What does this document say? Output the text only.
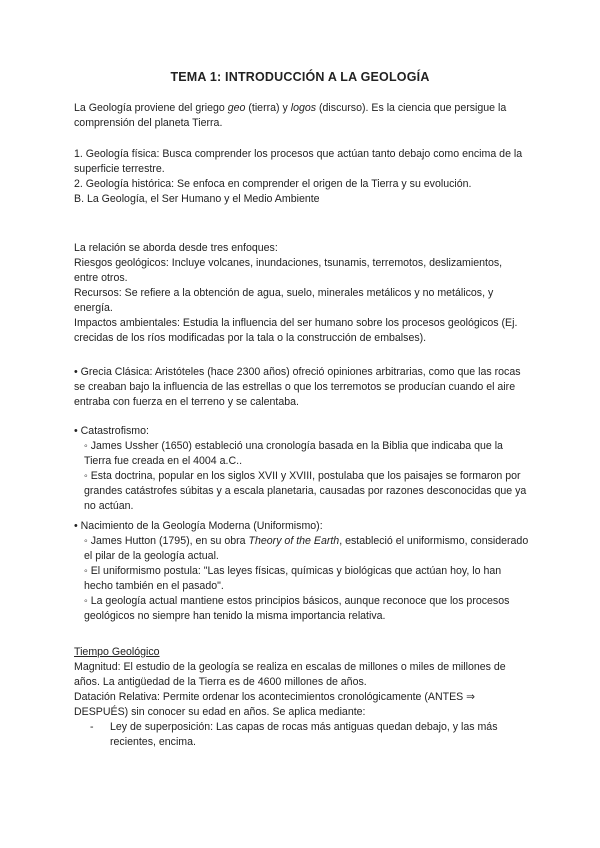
TEMA 1: INTRODUCCIÓN A LA GEOLOGÍA

La Geología proviene del griego geo (tierra) y logos (discurso). Es la ciencia que persigue la comprensión del planeta Tierra.

1. Geología física: Busca comprender los procesos que actúan tanto debajo como encima de la superficie terrestre.

2. Geología histórica: Se enfoca en comprender el origen de la Tierra y su evolución.

B. La Geología, el Ser Humano y el Medio Ambiente

La relación se aborda desde tres enfoques:

Riesgos geológicos: Incluye volcanes, inundaciones, tsunamis, terremotos, deslizamientos, entre otros.

Recursos: Se refiere a la obtención de agua, suelo, minerales metálicos y no metálicos, y energía.

Impactos ambientales: Estudia la influencia del ser humano sobre los procesos geológicos (Ej. crecidas de los ríos modificadas por la tala o la construcción de embalses).

• Grecia Clásica: Aristóteles (hace 2300 años) ofreció opiniones arbitrarias, como que las rocas se creaban bajo la influencia de las estrellas o que los terremotos se producían cuando el aire entraba con fuerza en el terreno y se calentaba.

• Catastrofismo:

◦ James Ussher (1650) estableció una cronología basada en la Biblia que indicaba que la Tierra fue creada en el 4004 a.C..

◦ Esta doctrina, popular en los siglos XVII y XVIII, postulaba que los paisajes se formaron por grandes catástrofes súbitas y a escala planetaria, causadas por razones desconocidas que ya no actúan.

• Nacimiento de la Geología Moderna (Uniformismo):

◦ James Hutton (1795), en su obra Theory of the Earth, estableció el uniformismo, considerado el pilar de la geología actual.

◦ El uniformismo postula: "Las leyes físicas, químicas y biológicas que actúan hoy, lo han hecho también en el pasado".

◦ La geología actual mantiene estos principios básicos, aunque reconoce que los procesos geológicos no siempre han tenido la misma importancia relativa.

Tiempo Geológico

Magnitud: El estudio de la geología se realiza en escalas de millones o miles de millones de años. La antigüedad de la Tierra es de 4600 millones de años.

Datación Relativa: Permite ordenar los acontecimientos cronológicamente (ANTES ⇒ DESPUÉS) sin conocer su edad en años. Se aplica mediante:

- Ley de superposición: Las capas de rocas más antiguas quedan debajo, y las más recientes, encima.
